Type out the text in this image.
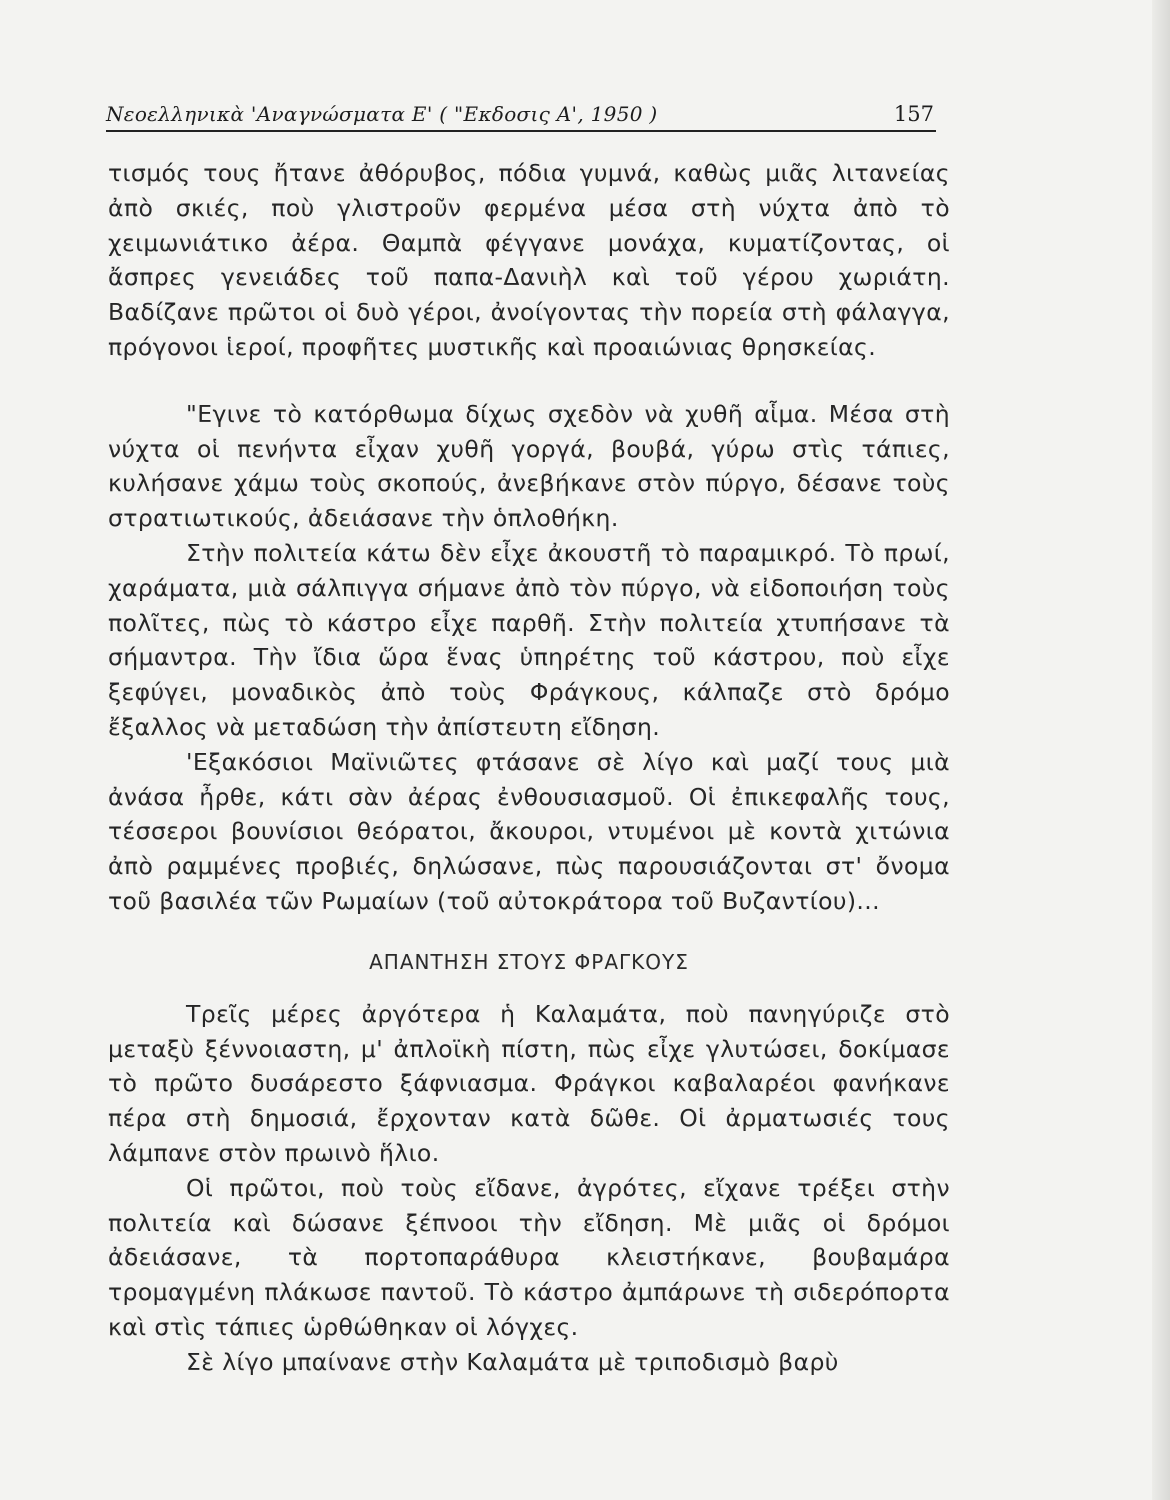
Νεοελληνικὰ 'Αναγνώσματα Ε' ( "Εκδοσις Α', 1950 )	157

τισμός τους ἤτανε ἀθόρυβος, πόδια γυμνά, καθὼς μιᾶς λιτανείας ἀπὸ σκιές, ποὺ γλιστροῦν φερμένα μέσα στὴ νύχτα ἀπὸ τὸ χειμωνιάτικο ἀέρα. Θαμπὰ φέγγανε μονάχα, κυματίζοντας, οἱ ἄσπρες γενειάδες τοῦ παπα-Δανιὴλ καὶ τοῦ γέρου χωριάτη. Βαδίζανε πρῶτοι οἱ δυὸ γέροι, ἀνοίγοντας τὴν πορεία στὴ φάλαγγα, πρόγονοι ἱεροί, προφῆτες μυστικῆς καὶ προαιώνιας θρησκείας.

"Εγινε τὸ κατόρθωμα δίχως σχεδὸν νὰ χυθῆ αἷμα. Μέσα στὴ νύχτα οἱ πενήντα εἶχαν χυθῆ γοργά, βουβά, γύρω στὶς τάπιες, κυλήσανε χάμω τοὺς σκοπούς, ἀνεβήκανε στὸν πύργο, δέσανε τοὺς στρατιωτικούς, ἀδειάσανε τὴν ὁπλοθήκη.

Στὴν πολιτεία κάτω δὲν εἶχε ἀκουστῆ τὸ παραμικρό. Τὸ πρωί, χαράματα, μιὰ σάλπιγγα σήμανε ἀπὸ τὸν πύργο, νὰ εἰδοποιήση τοὺς πολῖτες, πὼς τὸ κάστρο εἶχε παρθῆ. Στὴν πολιτεία χτυπήσανε τὰ σήμαντρα. Τὴν ἴδια ὥρα ἕνας ὑπηρέτης τοῦ κάστρου, ποὺ εἶχε ξεφύγει, μοναδικὸς ἀπὸ τοὺς Φράγκους, κάλπαζε στὸ δρόμο ἔξαλλος νὰ μεταδώση τὴν ἀπίστευτη εἴδηση.

'Εξακόσιοι Μαϊνιῶτες φτάσανε σὲ λίγο καὶ μαζί τους μιὰ ἀνάσα ἦρθε, κάτι σὰν ἀέρας ἐνθουσιασμοῦ. Οἱ ἐπικεφαλῆς τους, τέσσεροι βουνίσιοι θεόρατοι, ἄκουροι, ντυμένοι μὲ κοντὰ χιτώνια ἀπὸ ραμμένες προβιές, δηλώσανε, πὼς παρουσιάζονται στ' ὄνομα τοῦ βασιλέα τῶν Ρωμαίων (τοῦ αὐτοκράτορα τοῦ Βυζαντίου)...

ΑΠΑΝΤΗΣΗ ΣΤΟΥΣ ΦΡΑΓΚΟΥΣ

Τρεῖς μέρες ἀργότερα ἡ Καλαμάτα, ποὺ πανηγύριζε στὸ μεταξὺ ξέννοιαστη, μ' ἀπλοϊκὴ πίστη, πὼς εἶχε γλυτώσει, δοκίμασε τὸ πρῶτο δυσάρεστο ξάφνιασμα. Φράγκοι καβαλαρέοι φανήκανε πέρα στὴ δημοσιά, ἔρχονταν κατὰ δῶθε. Οἱ ἀρματωσιές τους λάμπανε στὸν πρωινὸ ἥλιο.

Οἱ πρῶτοι, ποὺ τοὺς εἴδανε, ἀγρότες, εἴχανε τρέξει στὴν πολιτεία καὶ δώσανε ξέπνοοι τὴν εἴδηση. Μὲ μιᾶς οἱ δρόμοι ἀδειάσανε, τὰ πορτοπαράθυρα κλειστήκανε, βουβαμάρα τρομαγμένη πλάκωσε παντοῦ. Τὸ κάστρο ἀμπάρωνε τὴ σιδερόπορτα καὶ στὶς τάπιες ὡρθώθηκαν οἱ λόγχες.

Σὲ λίγο μπαίνανε στὴν Καλαμάτα μὲ τριποδισμὸ βαρὺ
